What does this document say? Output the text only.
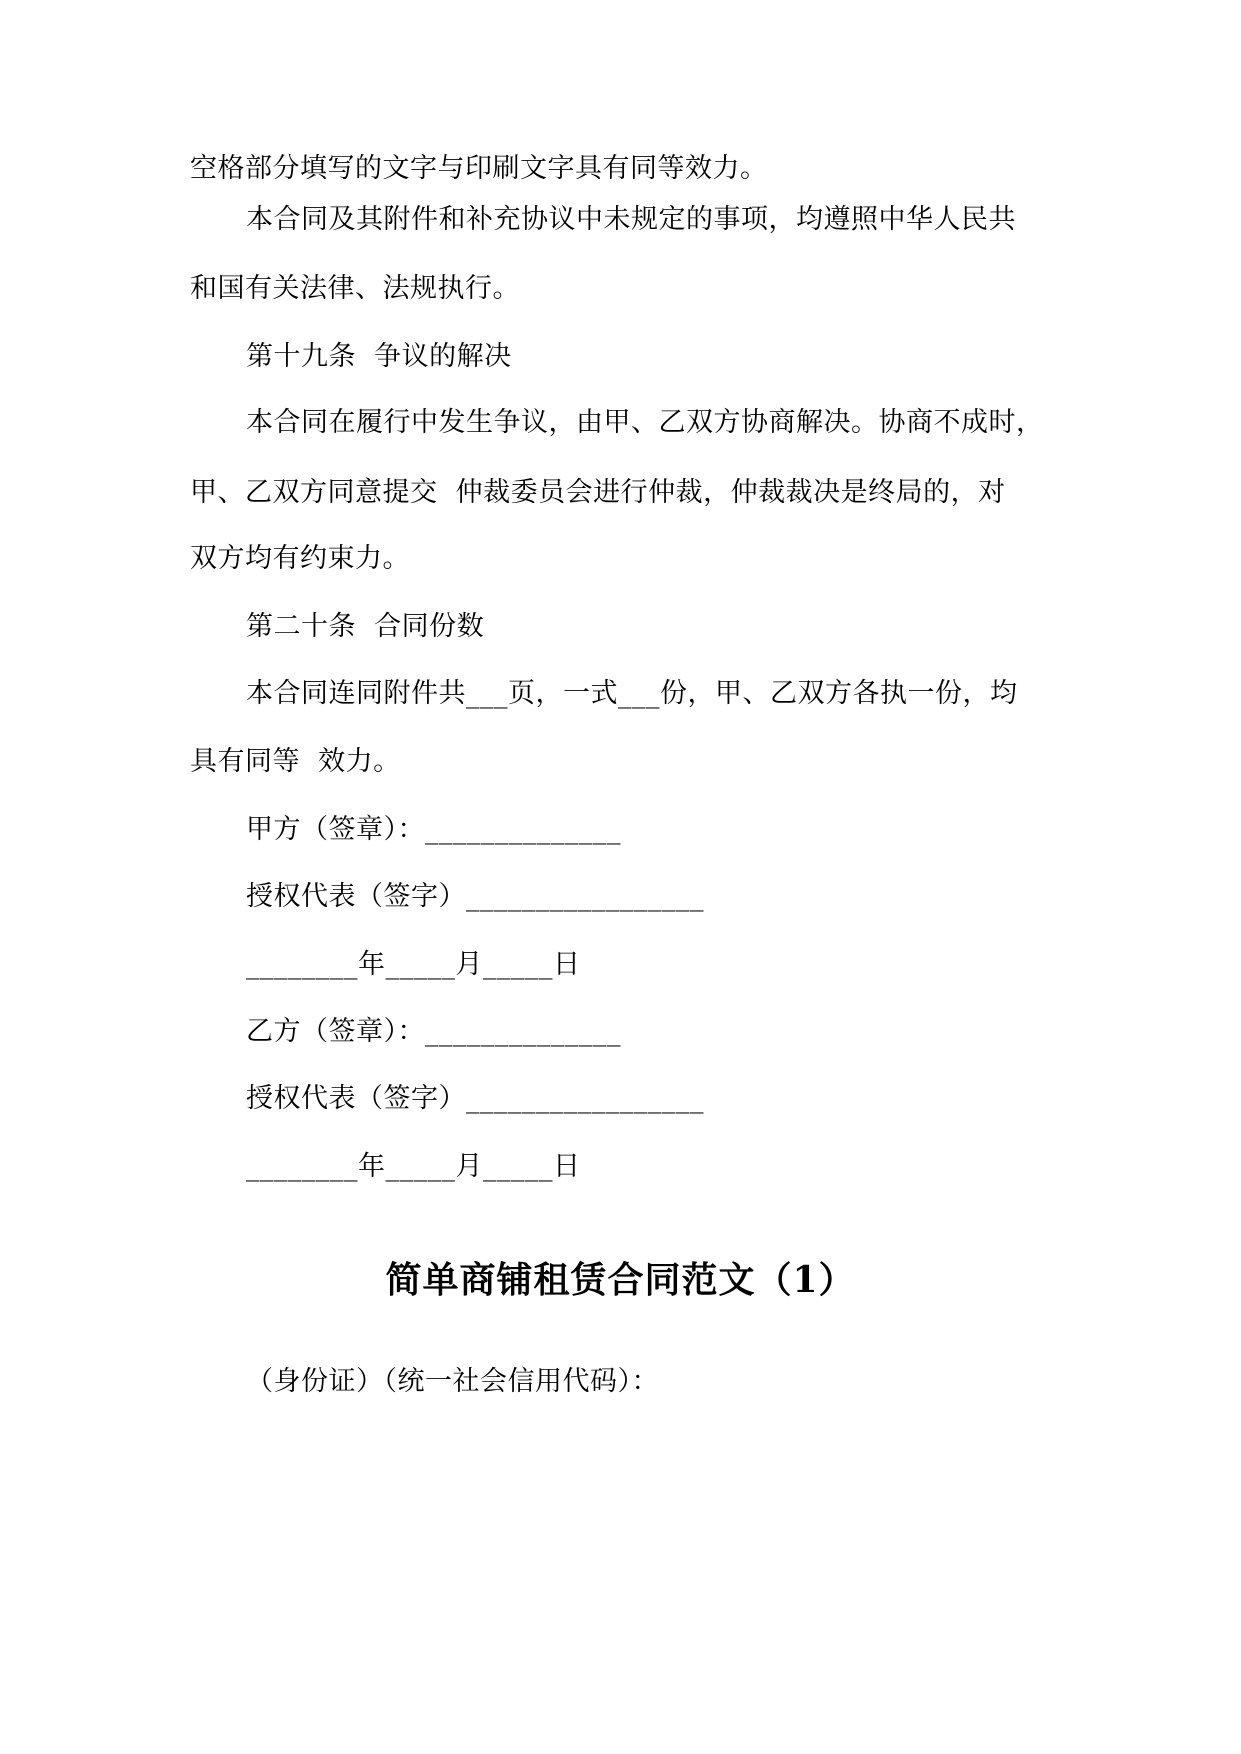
空格部分填写的文字与印刷文字具有同等效力。
本合同及其附件和补充协议中未规定的事项，均遵照中华人民共
和国有关法律、法规执行。
第十九条  争议的解决
本合同在履行中发生争议，由甲、乙双方协商解决。协商不成时，
甲、乙双方同意提交  仲裁委员会进行仲裁，仲裁裁决是终局的，对
双方均有约束力。
第二十条  合同份数
本合同连同附件共___页，一式___份，甲、乙双方各执一份，均
具有同等  效力。
甲方（签章）：______________
授权代表（签字）_________________
________年_____月_____日
乙方（签章）：______________
授权代表（签字）_________________
________年_____月_____日
简单商铺租赁合同范文（1）
（身份证）（统一社会信用代码）：
